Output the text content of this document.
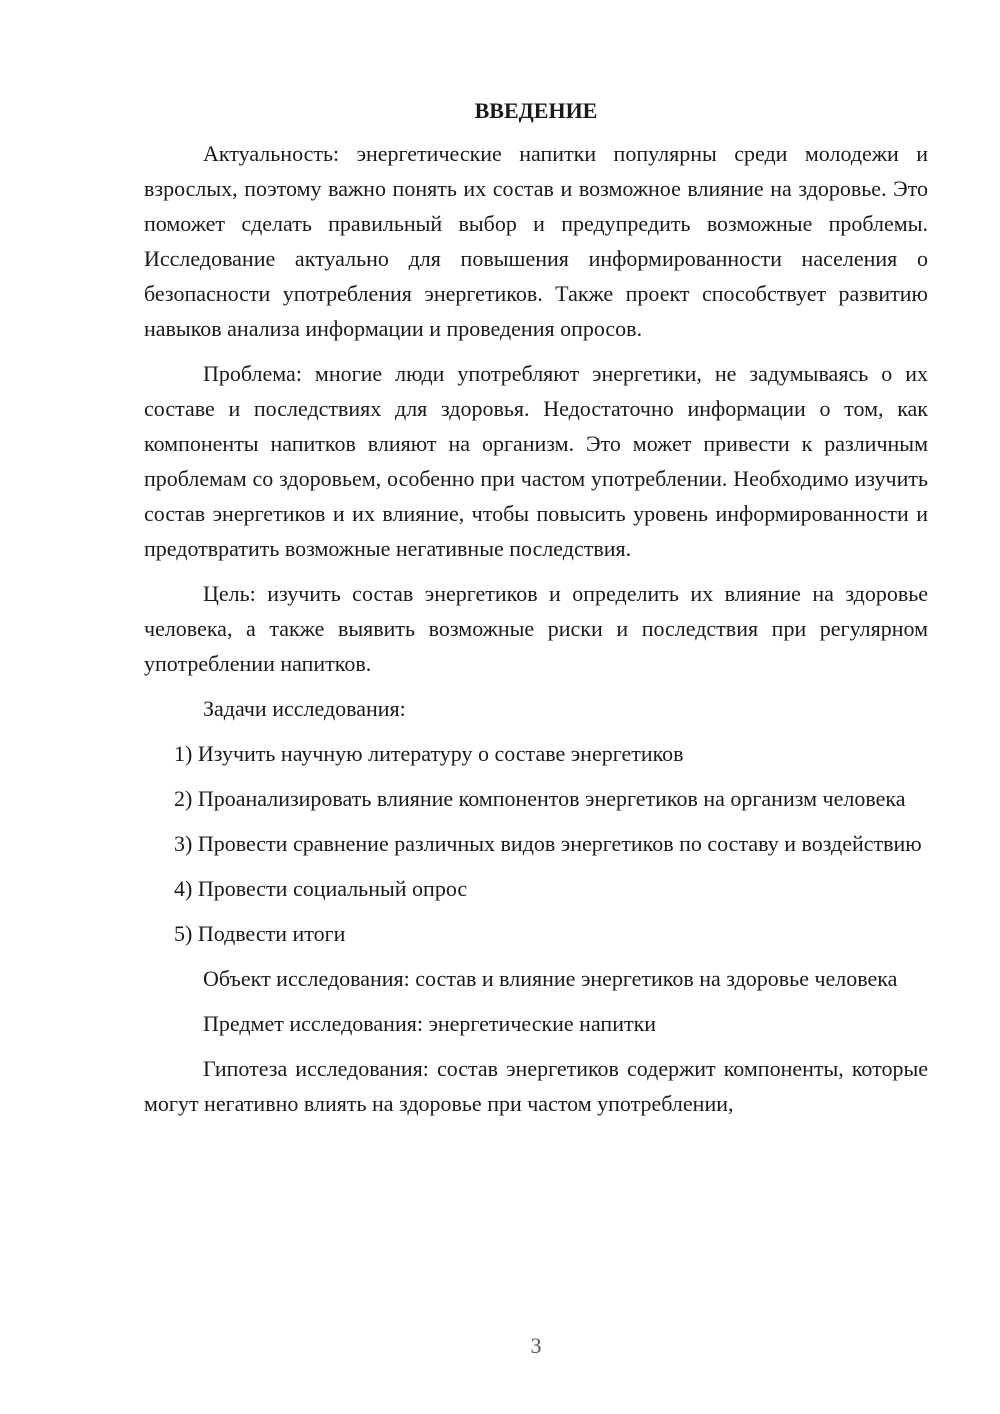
ВВЕДЕНИЕ

Актуальность: энергетические напитки популярны среди молодежи и взрослых, поэтому важно понять их состав и возможное влияние на здоровье. Это поможет сделать правильный выбор и предупредить возможные проблемы. Исследование актуально для повышения информированности населения о безопасности употребления энергетиков. Также проект способствует развитию навыков анализа информации и проведения опросов.

Проблема: многие люди употребляют энергетики, не задумываясь о их составе и последствиях для здоровья. Недостаточно информации о том, как компоненты напитков влияют на организм. Это может привести к различным проблемам со здоровьем, особенно при частом употреблении. Необходимо изучить состав энергетиков и их влияние, чтобы повысить уровень информированности и предотвратить возможные негативные последствия.

Цель: изучить состав энергетиков и определить их влияние на здоровье человека, а также выявить возможные риски и последствия при регулярном употреблении напитков.

Задачи исследования:

1) Изучить научную литературу о составе энергетиков

2) Проанализировать влияние компонентов энергетиков на организм человека

3) Провести сравнение различных видов энергетиков по составу и воздействию

4) Провести социальный опрос

5) Подвести итоги

Объект исследования: состав и влияние энергетиков на здоровье человека

Предмет исследования: энергетические напитки

Гипотеза исследования: состав энергетиков содержит компоненты, которые могут негативно влиять на здоровье при частом употреблении,

3
